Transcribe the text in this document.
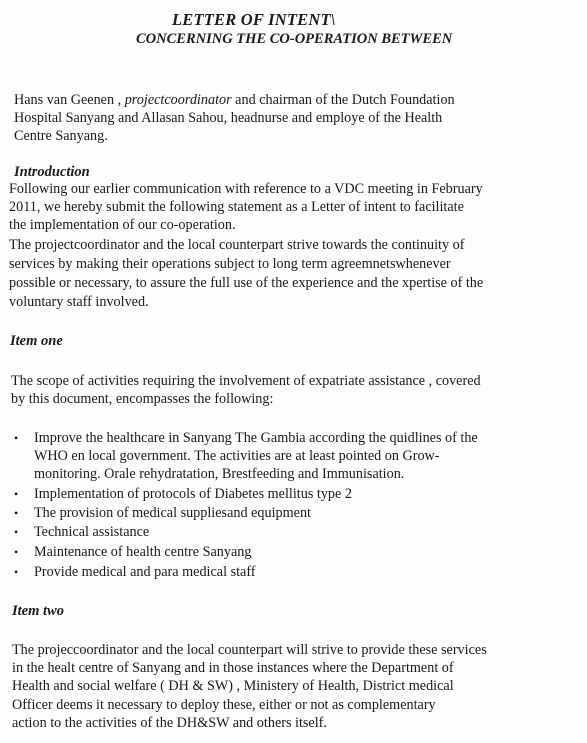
LETTER OF INTENT\
CONCERNING THE CO-OPERATION BETWEEN
Hans van Geenen , projectcoordinator and chairman of the Dutch Foundation
Hospital Sanyang and Allasan Sahou, headnurse and employe of the Health
Centre Sanyang.
Introduction
Following our earlier communication with reference to a VDC meeting in February
2011, we hereby submit the following statement as a Letter of intent to facilitate
the implementation of our co-operation.
The projectcoordinator and the local counterpart strive towards the continuity of
services by making their operations subject to long term agreemnetswhenever
possible or necessary, to assure the full use of the experience and the xpertise of the
voluntary staff involved.
Item one
The scope of activities requiring the involvement of expatriate assistance , covered
by this document, encompasses the following:
• Improve the healthcare in Sanyang The Gambia according the quidlines of the
WHO en local government. The activities are at least pointed on Grow-
monitoring. Orale rehydratation, Brestfeeding and Immunisation.
• Implementation of protocols of Diabetes mellitus type 2
• The provision of medical suppliesand equipment
• Technical assistance
• Maintenance of health centre Sanyang
• Provide medical and para medical staff
Item two
The projeccoordinator and the local counterpart will strive to provide these services
in the healt centre of Sanyang and in those instances where the Department of
Health and social welfare ( DH & SW) , Ministery of Health, District medical
Officer deems it necessary to deploy these, either or not as complementary
action to the activities of the DH&SW and others itself.
